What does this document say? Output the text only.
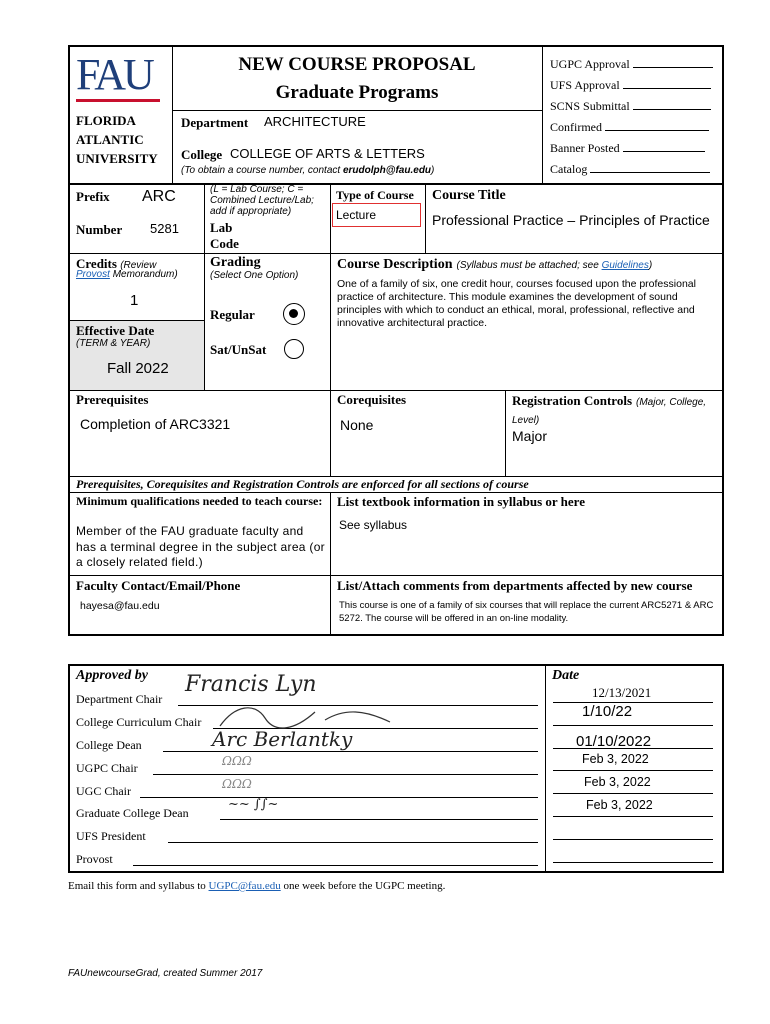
FAU
FLORIDA
ATLANTIC
UNIVERSITY
NEW COURSE PROPOSAL
Graduate Programs
Department ARCHITECTURE
College COLLEGE OF ARTS & LETTERS
(To obtain a course number, contact erudolph@fau.edu)
UGPC Approval
UFS Approval
SCNS Submittal
Confirmed
Banner Posted
Catalog
Prefix ARC
Number 5281
(L = Lab Course; C = Combined Lecture/Lab; add if appropriate)
Lab
Code
Type of Course
Lecture
Course Title
Professional Practice – Principles of Practice
Credits (Review
Provost Memorandum)
1
Effective Date
(TERM & YEAR)
Fall 2022
Grading
(Select One Option)
Regular
Sat/UnSat
Course Description (Syllabus must be attached; see Guidelines)
One of a family of six, one credit hour, courses focused upon the professional practice of architecture. This module examines the development of sound principles with which to conduct an ethical, moral, professional, reflective and innovative architectural practice.
Prerequisites
Completion of ARC3321
Corequisites
None
Registration Controls (Major, College, Level)
Major
Prerequisites, Corequisites and Registration Controls are enforced for all sections of course
Minimum qualifications needed to teach course:
Member of the FAU graduate faculty and has a terminal degree in the subject area (or a closely related field.)
List textbook information in syllabus or here
See syllabus
Faculty Contact/Email/Phone
hayesa@fau.edu
List/Attach comments from departments affected by new course
This course is one of a family of six courses that will replace the current ARC5271 & ARC 5272. The course will be offered in an on-line modality.
Approved by	Date
Department Chair
College Curriculum Chair
College Dean
UGPC Chair
UGC Chair
Graduate College Dean
UFS President
Provost
Francis Lyn
Arc Berlantky
ΩΩΩ
ΩΩΩ
~~ ∫∫~
12/13/2021
1/10/22
01/10/2022
Feb 3, 2022
Feb 3, 2022
Feb 3, 2022
Email this form and syllabus to UGPC@fau.edu one week before the UGPC meeting.
FAUnewcourseGrad, created Summer 2017
